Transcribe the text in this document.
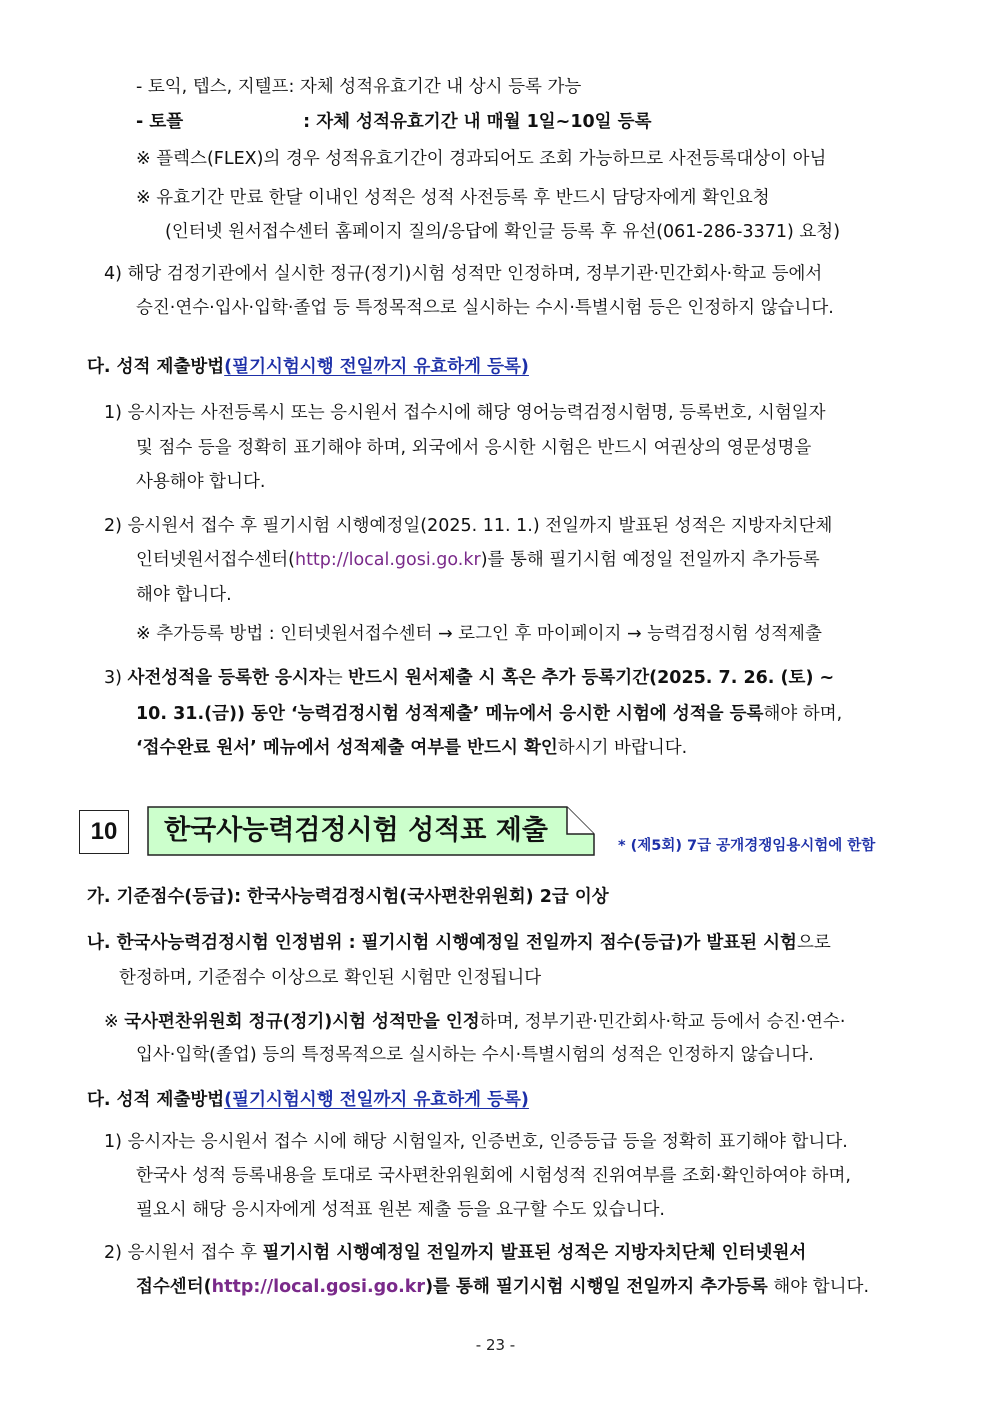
- 토익, 텝스, 지텔프: 자체 성적유효기간 내 상시 등록 가능
- 토플	: 자체 성적유효기간 내 매월 1일~10일 등록
※ 플렉스(FLEX)의 경우 성적유효기간이 경과되어도 조회 가능하므로 사전등록대상이 아님
※ 유효기간 만료 한달 이내인 성적은 성적 사전등록 후 반드시 담당자에게 확인요청
(인터넷 원서접수센터 홈페이지 질의/응답에 확인글 등록 후 유선(061-286-3371) 요청)
4) 해당 검정기관에서 실시한 정규(정기)시험 성적만 인정하며, 정부기관·민간회사·학교 등에서
승진·연수·입사·입학·졸업 등 특정목적으로 실시하는 수시·특별시험 등은 인정하지 않습니다.
다. 성적 제출방법(필기시험시행 전일까지 유효하게 등록)
1) 응시자는 사전등록시 또는 응시원서 접수시에 해당 영어능력검정시험명, 등록번호, 시험일자
및 점수 등을 정확히 표기해야 하며, 외국에서 응시한 시험은 반드시 여권상의 영문성명을
사용해야 합니다.
2) 응시원서 접수 후 필기시험 시행예정일(2025. 11. 1.) 전일까지 발표된 성적은 지방자치단체
인터넷원서접수센터(http://local.gosi.go.kr)를 통해 필기시험 예정일 전일까지 추가등록
해야 합니다.
※ 추가등록 방법 : 인터넷원서접수센터 → 로그인 후 마이페이지 → 능력검정시험 성적제출
3) 사전성적을 등록한 응시자는 반드시 원서제출 시 혹은 추가 등록기간(2025. 7. 26. (토) ~
10. 31.(금)) 동안 ‘능력검정시험 성적제출’ 메뉴에서 응시한 시험에 성적을 등록해야 하며,
‘접수완료 원서’ 메뉴에서 성적제출 여부를 반드시 확인하시기 바랍니다.
10	한국사능력검정시험 성적표 제출	* (제5회) 7급 공개경쟁임용시험에 한함
가. 기준점수(등급): 한국사능력검정시험(국사편찬위원회) 2급 이상
나. 한국사능력검정시험 인정범위 : 필기시험 시행예정일 전일까지 점수(등급)가 발표된 시험으로
한정하며, 기준점수 이상으로 확인된 시험만 인정됩니다
※ 국사편찬위원회 정규(정기)시험 성적만을 인정하며, 정부기관·민간회사·학교 등에서 승진·연수·
입사·입학(졸업) 등의 특정목적으로 실시하는 수시·특별시험의 성적은 인정하지 않습니다.
다. 성적 제출방법(필기시험시행 전일까지 유효하게 등록)
1) 응시자는 응시원서 접수 시에 해당 시험일자, 인증번호, 인증등급 등을 정확히 표기해야 합니다.
한국사 성적 등록내용을 토대로 국사편찬위원회에 시험성적 진위여부를 조회·확인하여야 하며,
필요시 해당 응시자에게 성적표 원본 제출 등을 요구할 수도 있습니다.
2) 응시원서 접수 후 필기시험 시행예정일 전일까지 발표된 성적은 지방자치단체 인터넷원서
접수센터(http://local.gosi.go.kr)를 통해 필기시험 시행일 전일까지 추가등록 해야 합니다.
- 23 -
